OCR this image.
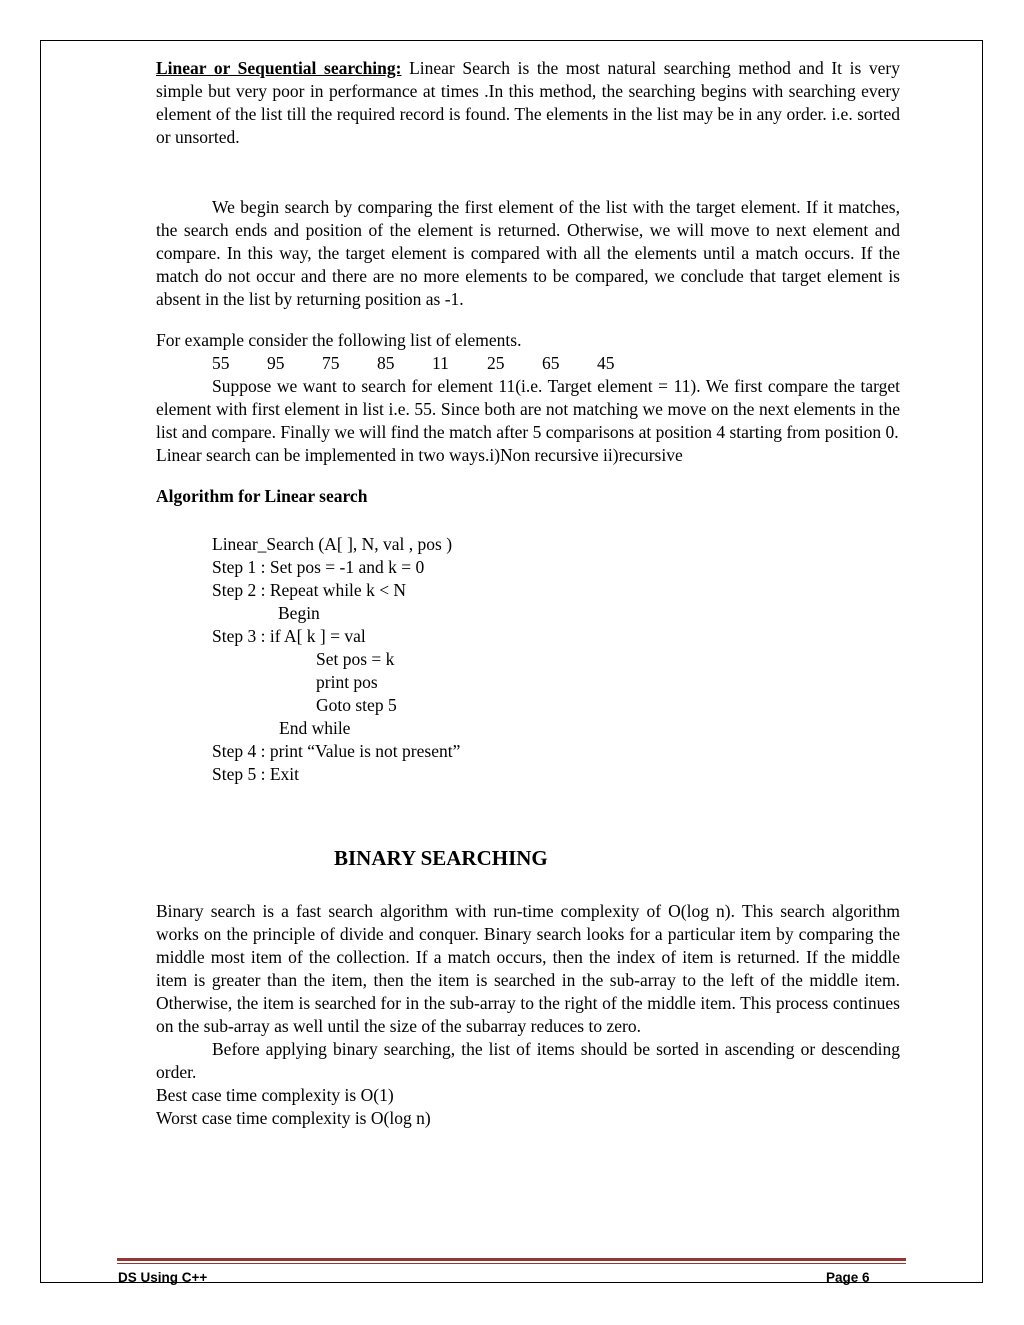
Linear or Sequential searching: Linear Search is the most natural searching method and It is very simple but very poor in performance at times .In this method, the searching begins with searching every element of the list till the required record is found. The elements in the list may be in any order. i.e. sorted or unsorted.

We begin search by comparing the first element of the list with the target element. If it matches, the search ends and position of the element is returned. Otherwise, we will move to next element and compare. In this way, the target element is compared with all the elements until a match occurs. If the match do not occur and there are no more elements to be compared, we conclude that target element is absent in the list by returning position as -1.

For example consider the following list of elements.

55	95	75	85	11	25	65	45

Suppose we want to search for element 11(i.e. Target element = 11). We first compare the target element with first element in list i.e. 55. Since both are not matching we move on the next elements in the list and compare. Finally we will find the match after 5 comparisons at position 4 starting from position 0.

Linear search can be implemented in two ways.i)Non recursive ii)recursive

Algorithm for Linear search

Linear_Search (A[ ], N, val , pos )

Step 1 : Set pos = -1 and k = 0

Step 2 : Repeat while k < N

Begin

Step 3 : if A[ k ] = val

Set pos = k

print pos

Goto step 5

End while

Step 4 : print “Value is not present”

Step 5 : Exit

BINARY SEARCHING

Binary search is a fast search algorithm with run-time complexity of Ο(log n). This search algorithm works on the principle of divide and conquer. Binary search looks for a particular item by comparing the middle most item of the collection. If a match occurs, then the index of item is returned. If the middle item is greater than the item, then the item is searched in the sub-array to the left of the middle item. Otherwise, the item is searched for in the sub-array to the right of the middle item. This process continues on the sub-array as well until the size of the subarray reduces to zero.

Before applying binary searching, the list of items should be sorted in ascending or descending order.

Best case time complexity is O(1)

Worst case time complexity is O(log n)

DS Using C++	Page 6
